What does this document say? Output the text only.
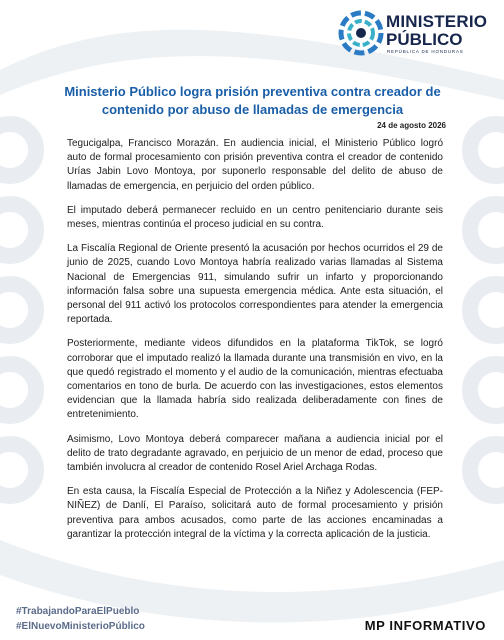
MINISTERIO
PÚBLICO
REPÚBLICA DE HONDURAS
Ministerio Público logra prisión preventiva contra creador de contenido por abuso de llamadas de emergencia
24 de agosto 2026

Tegucigalpa, Francisco Morazán. En audiencia inicial, el Ministerio Público logró auto de formal procesamiento con prisión preventiva contra el creador de contenido Urías Jabin Lovo Montoya, por suponerlo responsable del delito de abuso de llamadas de emergencia, en perjuicio del orden público.

El imputado deberá permanecer recluido en un centro penitenciario durante seis meses, mientras continúa el proceso judicial en su contra.

La Fiscalía Regional de Oriente presentó la acusación por hechos ocurridos el 29 de junio de 2025, cuando Lovo Montoya habría realizado varias llamadas al Sistema Nacional de Emergencias 911, simulando sufrir un infarto y proporcionando información falsa sobre una supuesta emergencia médica. Ante esta situación, el personal del 911 activó los protocolos correspondientes para atender la emergencia reportada.

Posteriormente, mediante videos difundidos en la plataforma TikTok, se logró corroborar que el imputado realizó la llamada durante una transmisión en vivo, en la que quedó registrado el momento y el audio de la comunicación, mientras efectuaba comentarios en tono de burla. De acuerdo con las investigaciones, estos elementos evidencian que la llamada habría sido realizada deliberadamente con fines de entretenimiento.

Asimismo, Lovo Montoya deberá comparecer mañana a audiencia inicial por el delito de trato degradante agravado, en perjuicio de un menor de edad, proceso que también involucra al creador de contenido Rosel Ariel Archaga Rodas.

En esta causa, la Fiscalía Especial de Protección a la Niñez y Adolescencia (FEP-NIÑEZ) de Danlí, El Paraíso, solicitará auto de formal procesamiento y prisión preventiva para ambos acusados, como parte de las acciones encaminadas a garantizar la protección integral de la víctima y la correcta aplicación de la justicia.

#TrabajandoParaElPueblo
#ElNuevoMinisterioPúblico	MP INFORMATIVO
